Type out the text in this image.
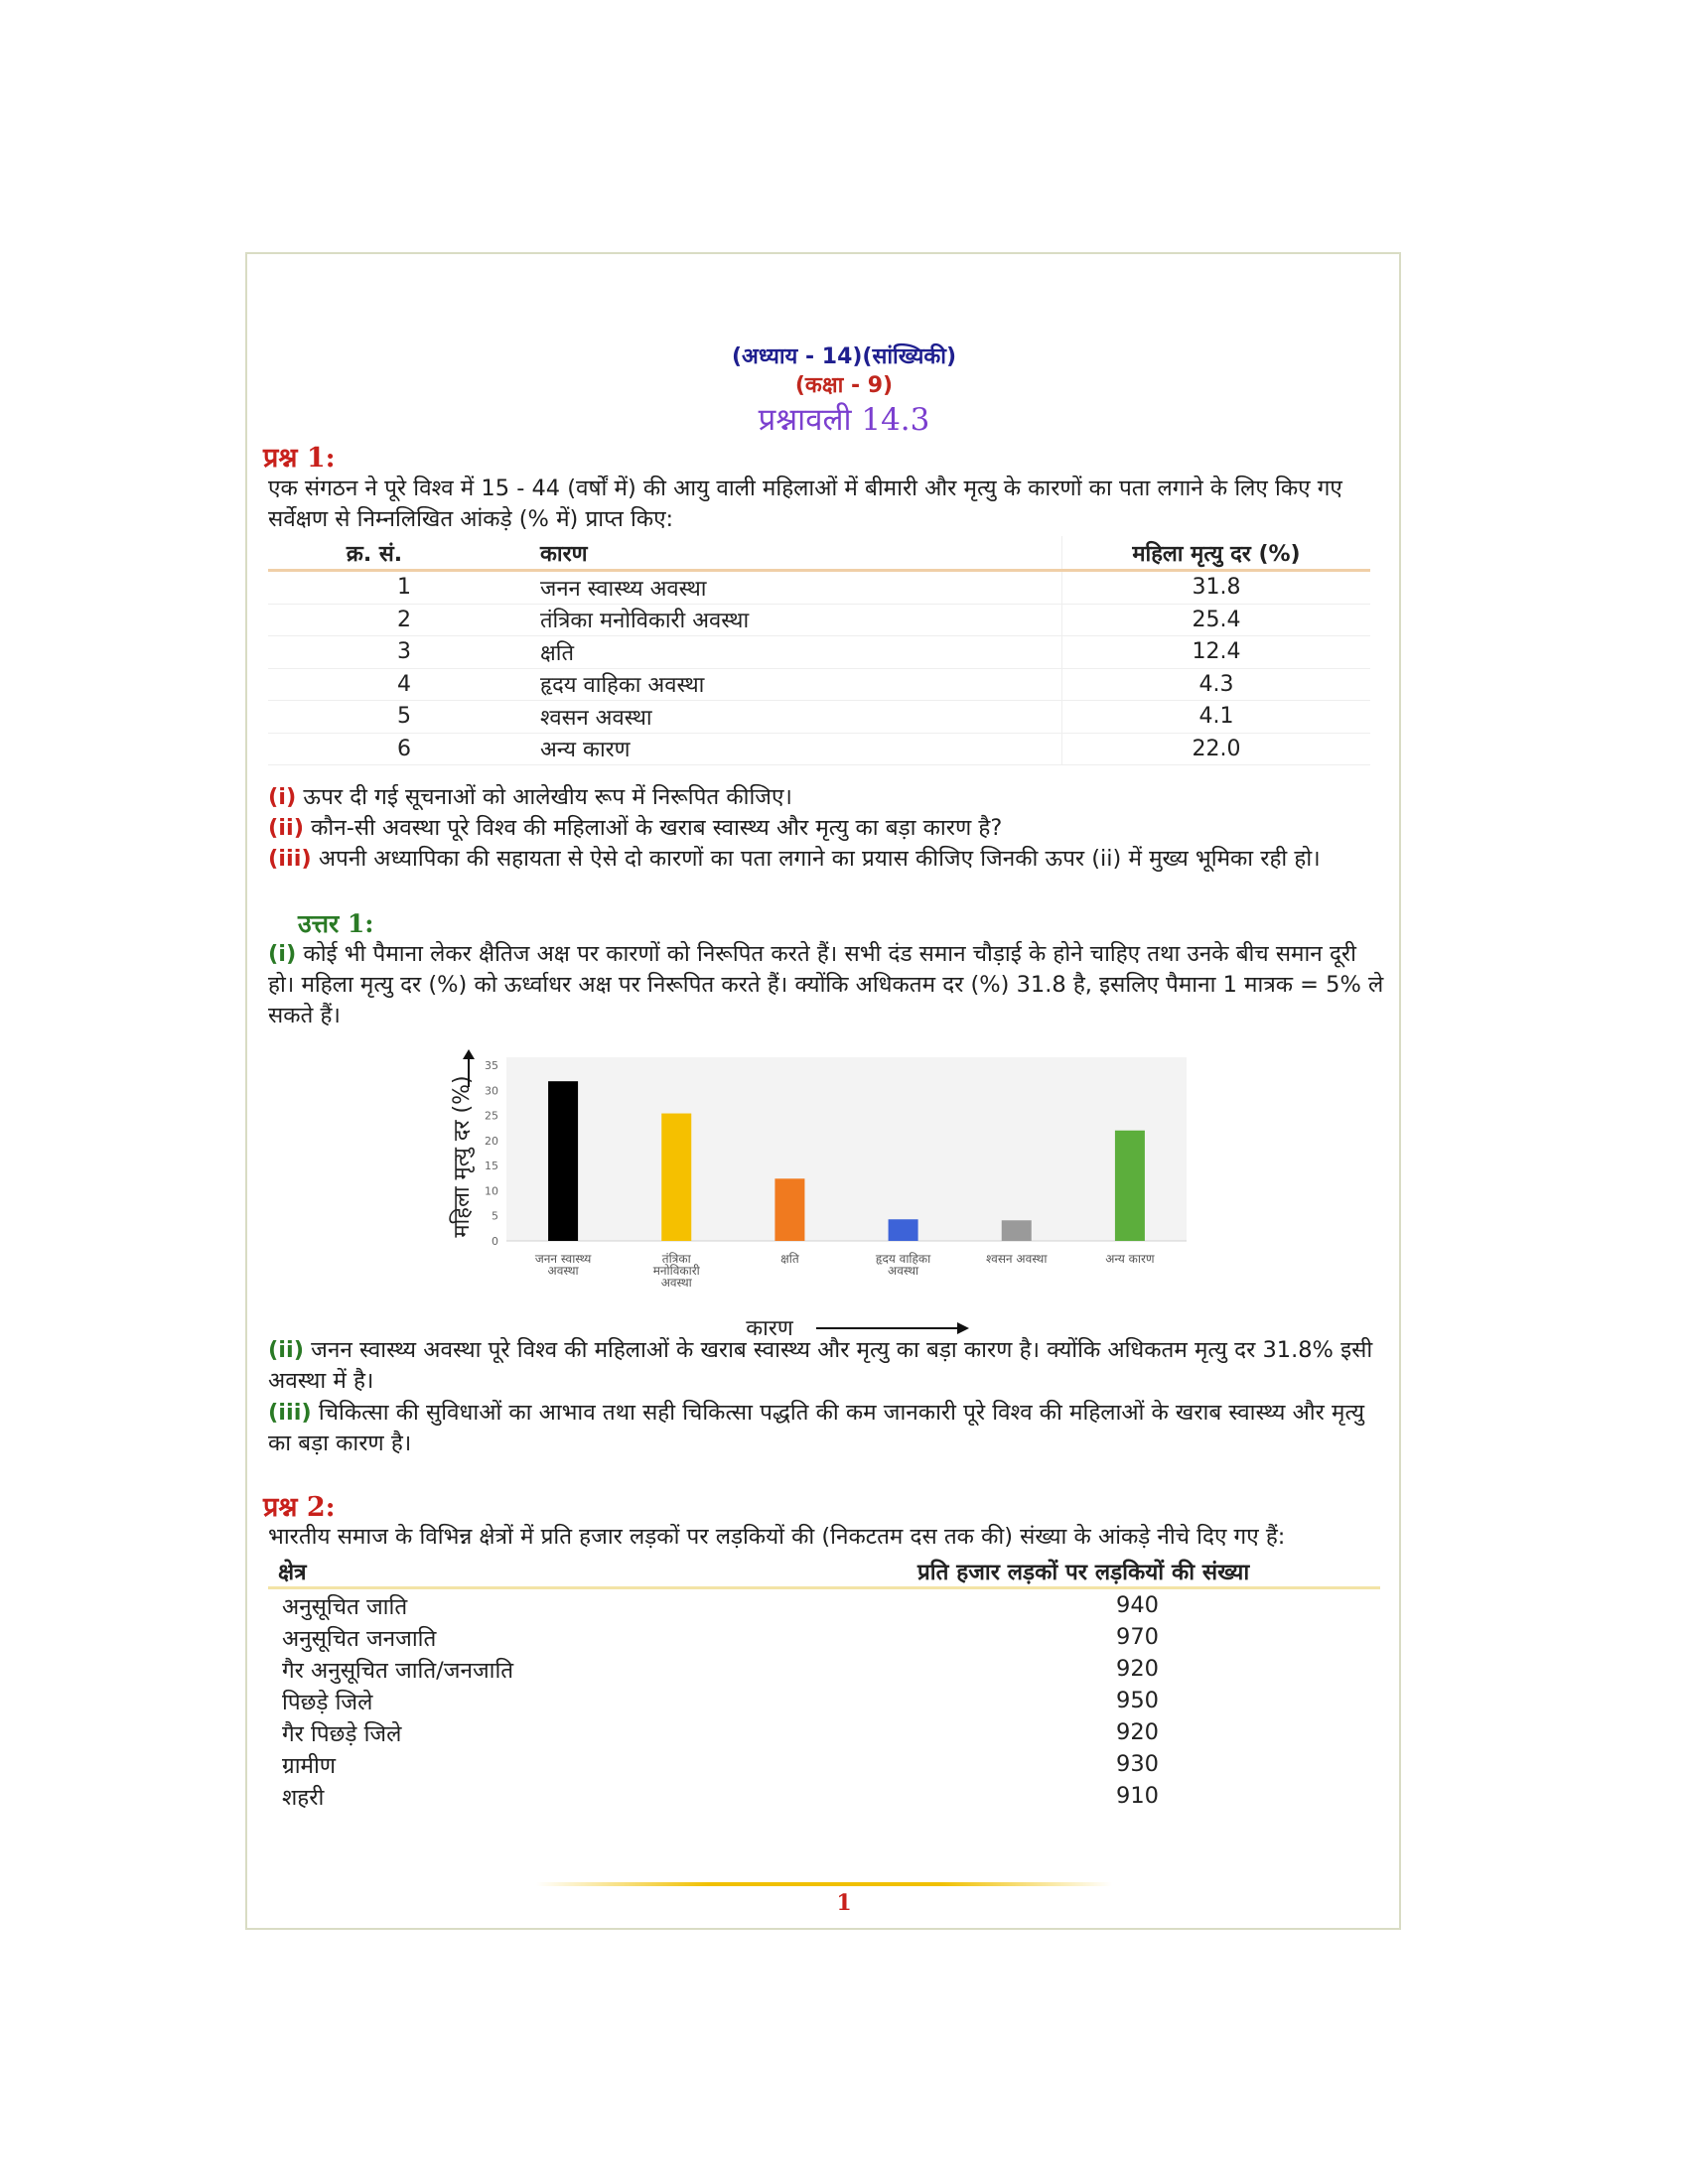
(अध्याय - 14)(सांख्यिकी)
(कक्षा - 9)
प्रश्नावली 14.3
प्रश्न 1:

एक संगठन ने पूरे विश्व में 15 - 44 (वर्षों में) की आयु वाली महिलाओं में बीमारी और मृत्यु के कारणों का पता लगाने के लिए किए गए सर्वेक्षण से निम्नलिखित आंकड़े (% में) प्राप्त किए:

क्र. सं.	कारण	महिला मृत्यु दर (%)
1	जनन स्वास्थ्य अवस्था	31.8
2	तंत्रिका मनोविकारी अवस्था	25.4
3	क्षति	12.4
4	हृदय वाहिका अवस्था	4.3
5	श्वसन अवस्था	4.1
6	अन्य कारण	22.0

(i) ऊपर दी गई सूचनाओं को आलेखीय रूप में निरूपित कीजिए।
(ii) कौन-सी अवस्था पूरे विश्व की महिलाओं के खराब स्वास्थ्य और मृत्यु का बड़ा कारण है?
(iii) अपनी अध्यापिका की सहायता से ऐसे दो कारणों का पता लगाने का प्रयास कीजिए जिनकी ऊपर (ii) में मुख्य भूमिका रही हो।

उत्तर 1:

(i) कोई भी पैमाना लेकर क्षैतिज अक्ष पर कारणों को निरूपित करते हैं। सभी दंड समान चौड़ाई के होने चाहिए तथा उनके बीच समान दूरी हो। महिला मृत्यु दर (%) को ऊर्ध्वाधर अक्ष पर निरूपित करते हैं। क्योंकि अधिकतम दर (%) 31.8 है, इसलिए पैमाना 1 मात्रक = 5% ले सकते हैं।

0
5
10
15
20
25
30
35
महिला मृत्यु दर (%)
जनन स्वास्थ्य
अवस्था
तंत्रिका
मनोविकारी
अवस्था
क्षति	हृदय वाहिका
अवस्था
श्वसन अवस्था	अन्य कारण
कारण

(ii) जनन स्वास्थ्य अवस्था पूरे विश्व की महिलाओं के खराब स्वास्थ्य और मृत्यु का बड़ा कारण है। क्योंकि अधिकतम मृत्यु दर 31.8% इसी अवस्था में है।

(iii) चिकित्सा की सुविधाओं का आभाव तथा सही चिकित्सा पद्धति की कम जानकारी पूरे विश्व की महिलाओं के खराब स्वास्थ्य और मृत्यु का बड़ा कारण है।

प्रश्न 2:

भारतीय समाज के विभिन्न क्षेत्रों में प्रति हजार लड़कों पर लड़कियों की (निकटतम दस तक की) संख्या के आंकड़े नीचे दिए गए हैं:

क्षेत्र	प्रति हजार लड़कों पर लड़कियों की संख्या
अनुसूचित जाति	940
अनुसूचित जनजाति	970
गैर अनुसूचित जाति/जनजाति	920
पिछड़े जिले	950
गैर पिछड़े जिले	920
ग्रामीण	930
शहरी	910
1
